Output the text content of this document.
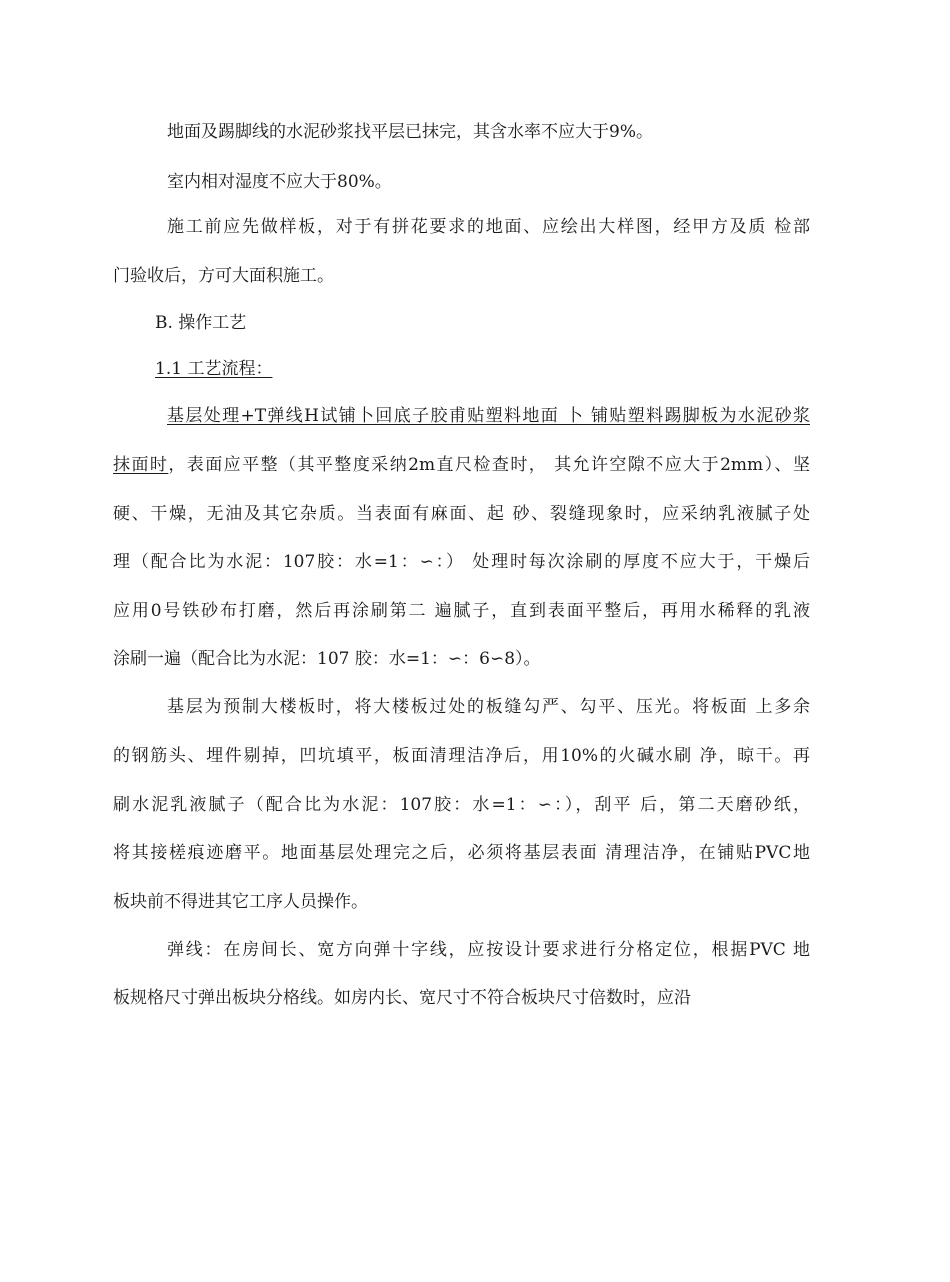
地面及踢脚线的水泥砂浆找平层已抹完，其含水率不应大于9%。
室内相对湿度不应大于80%。
施工前应先做样板，对于有拼花要求的地面、应绘出大样图，经甲方及质 检部
门验收后，方可大面积施工。
B. 操作工艺
1.1 工艺流程：
基层处理+T弹线H试铺卜回底子胶甫贴塑料地面 卜 铺贴塑料踢脚板为水泥砂浆
抹面时，表面应平整（其平整度采纳2m直尺检查时， 其允许空隙不应大于2mm）、坚
硬、干燥，无油及其它杂质。当表面有麻面、起 砂、裂缝现象时，应采纳乳液腻子处
理（配合比为水泥：107胶：水=1：∽：） 处理时每次涂刷的厚度不应大于，干燥后
应用0号铁砂布打磨，然后再涂刷第二 遍腻子，直到表面平整后，再用水稀释的乳液
涂刷一遍（配合比为水泥：107 胶：水=1：∽：6∽8）。
基层为预制大楼板时，将大楼板过处的板缝勾严、勾平、压光。将板面 上多余
的钢筋头、埋件剔掉，凹坑填平，板面清理洁净后，用10%的火碱水刷 净，晾干。再
刷水泥乳液腻子（配合比为水泥：107胶：水=1：∽：），刮平 后，第二天磨砂纸，
将其接槎痕迹磨平。地面基层处理完之后，必须将基层表面 清理洁净，在铺贴PVC地
板块前不得进其它工序人员操作。
弹线：在房间长、宽方向弹十字线，应按设计要求进行分格定位，根据PVC 地
板规格尺寸弹出板块分格线。如房内长、宽尺寸不符合板块尺寸倍数时，应沿
